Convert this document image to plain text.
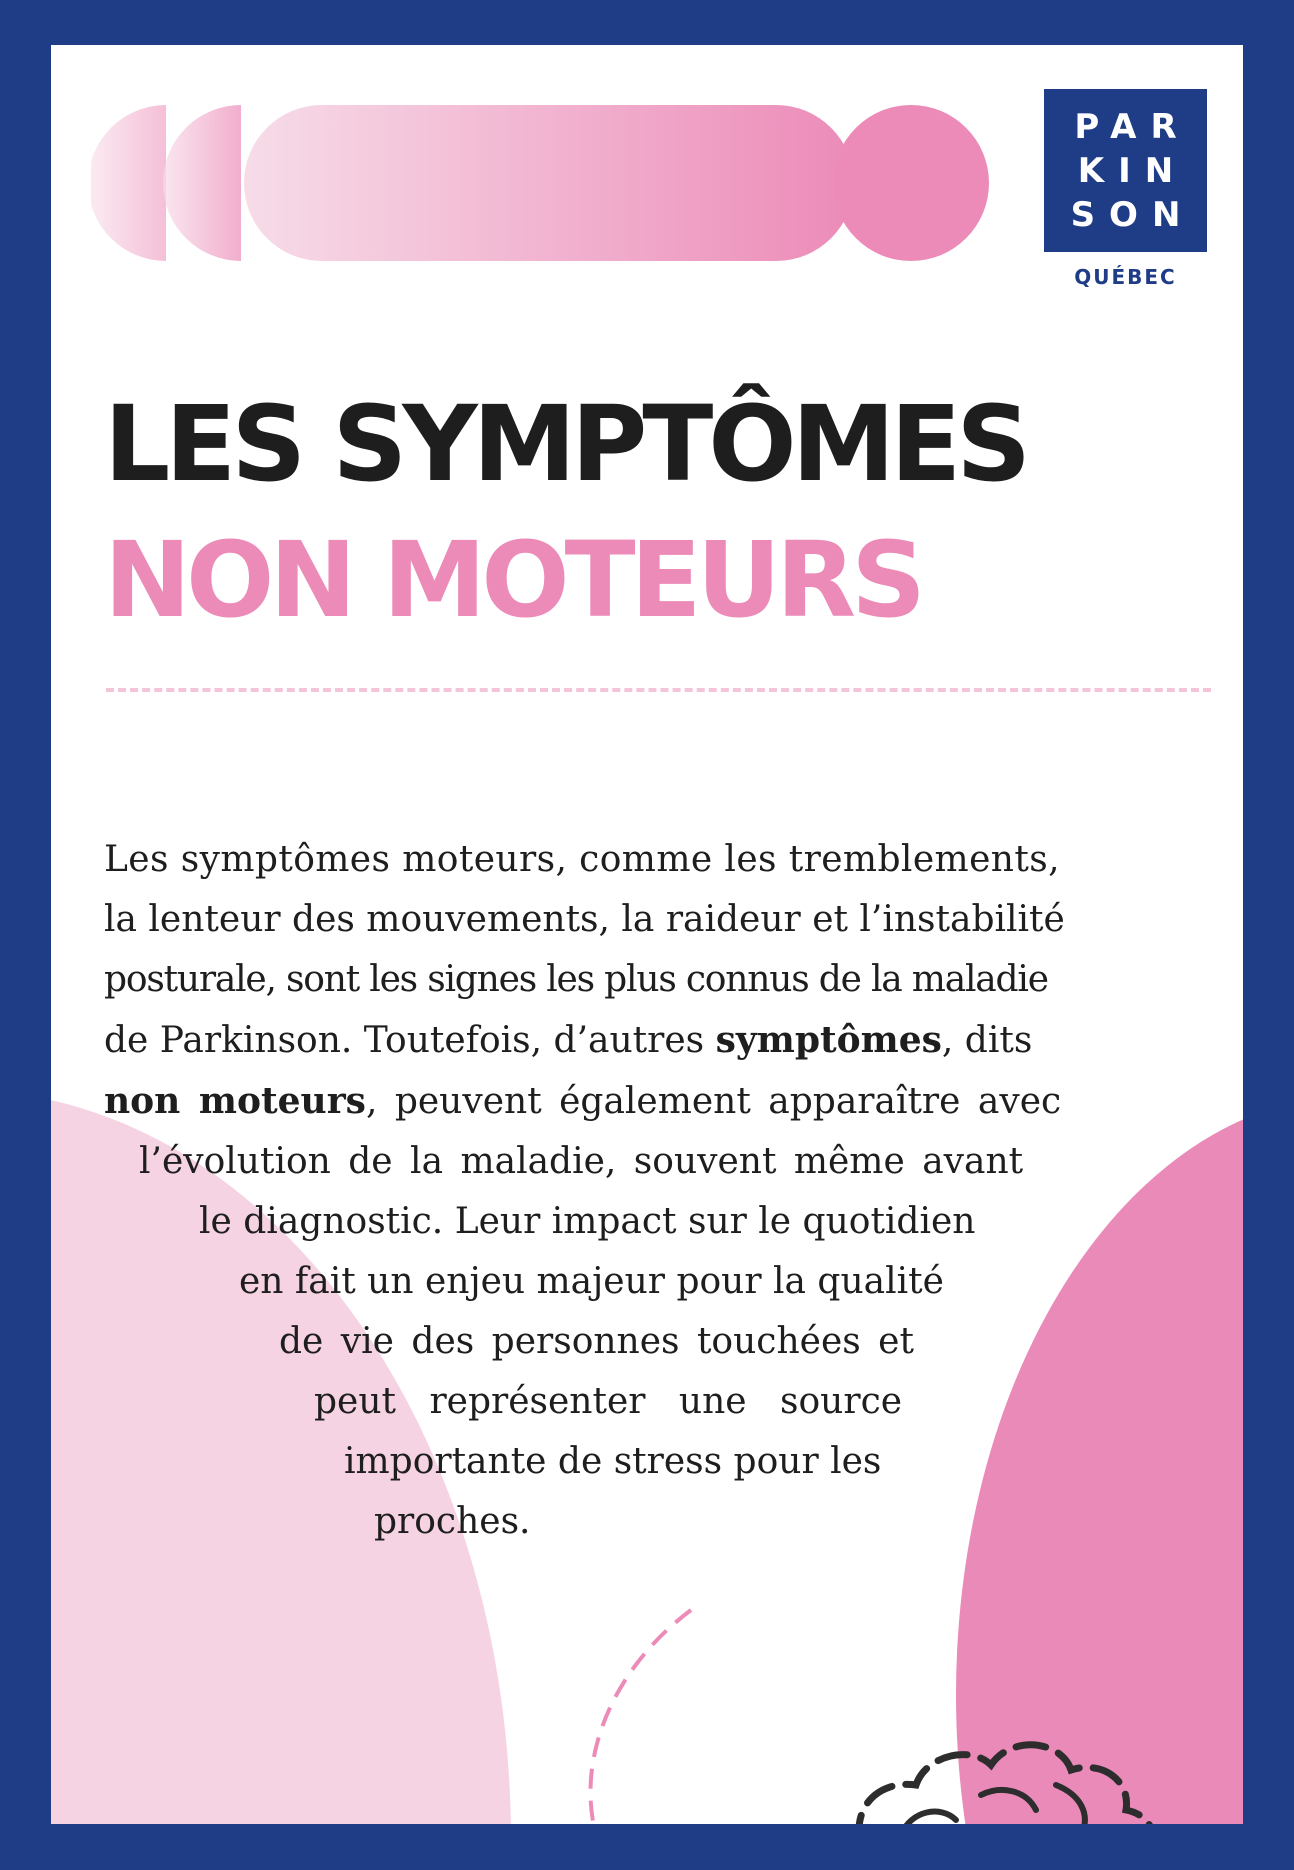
LES SYMPTÔMES
NON MOTEURS
Les symptômes moteurs, comme les tremblements,
la lenteur des mouvements, la raideur et l’instabilité
posturale, sont les signes les plus connus de la maladie
de Parkinson. Toutefois, d’autres symptômes, dits
non moteurs, peuvent également apparaître avec
l’évolution de la maladie, souvent même avant
le diagnostic. Leur impact sur le quotidien
en fait un enjeu majeur pour la qualité
de vie des personnes touchées et
peut représenter une source
importante de stress pour les
proches.
PAR
KIN
SON
QUÉBEC
